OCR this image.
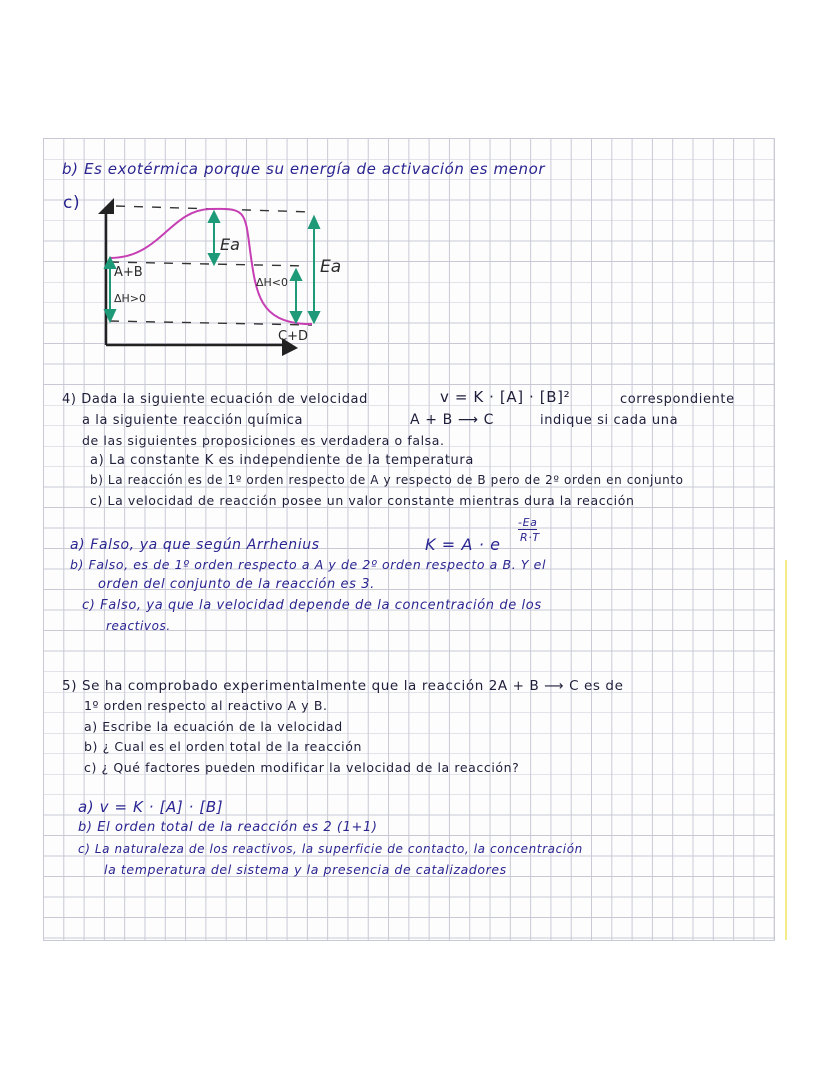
b) Es exotérmica porque su energía de activación es menor
c)
A+B
ΔH>0
Ea
ΔH<0
Ea
C+D
4) Dada la siguiente ecuación de velocidad	v = K · [A] · [B]²	correspondiente
a la siguiente reacción química	A + B ⟶ C	indique si cada una
de las siguientes proposiciones es verdadera o falsa.
a) La constante K es independiente de la temperatura
b) La reacción es de 1º orden respecto de A y respecto de B pero de 2º orden en conjunto
c) La velocidad de reacción posee un valor constante mientras dura la reacción
a) Falso, ya que según Arrhenius	K = A · e
-Ea
R·T
b) Falso, es de 1º orden respecto a A y de 2º orden respecto a B. Y el
orden del conjunto de la reacción es 3.
c) Falso, ya que la velocidad depende de la concentración de los
reactivos.
5) Se ha comprobado experimentalmente que la reacción 2A + B ⟶ C es de
1º orden respecto al reactivo A y B.
a) Escribe la ecuación de la velocidad
b) ¿ Cual es el orden total de la reacción
c) ¿ Qué factores pueden modificar la velocidad de la reacción?
a) v = K · [A] · [B]
b) El orden total de la reacción es 2 (1+1)
c) La naturaleza de los reactivos, la superficie de contacto, la concentración
la temperatura del sistema y la presencia de catalizadores
